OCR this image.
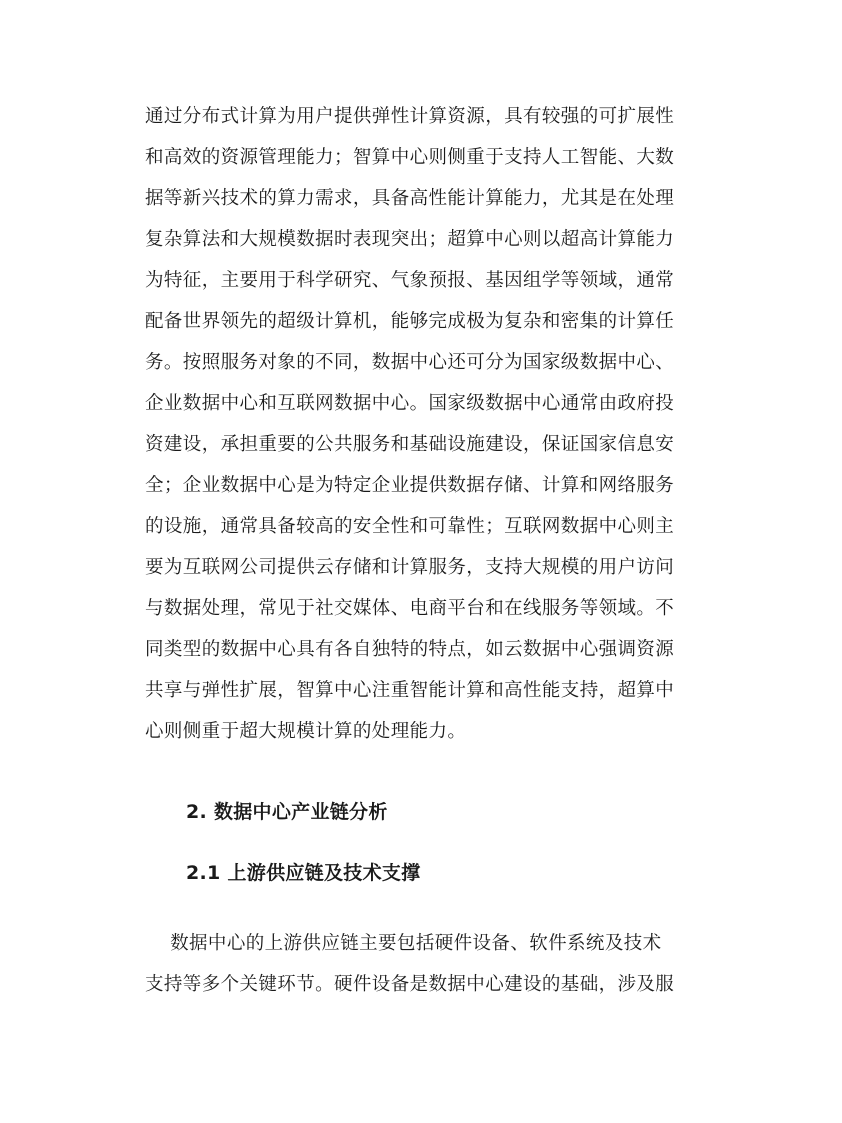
通过分布式计算为用户提供弹性计算资源，具有较强的可扩展性
和高效的资源管理能力；智算中心则侧重于支持人工智能、大数
据等新兴技术的算力需求，具备高性能计算能力，尤其是在处理
复杂算法和大规模数据时表现突出；超算中心则以超高计算能力
为特征，主要用于科学研究、气象预报、基因组学等领域，通常
配备世界领先的超级计算机，能够完成极为复杂和密集的计算任
务。按照服务对象的不同，数据中心还可分为国家级数据中心、
企业数据中心和互联网数据中心。国家级数据中心通常由政府投
资建设，承担重要的公共服务和基础设施建设，保证国家信息安
全；企业数据中心是为特定企业提供数据存储、计算和网络服务
的设施，通常具备较高的安全性和可靠性；互联网数据中心则主
要为互联网公司提供云存储和计算服务，支持大规模的用户访问
与数据处理，常见于社交媒体、电商平台和在线服务等领域。不
同类型的数据中心具有各自独特的特点，如云数据中心强调资源
共享与弹性扩展，智算中心注重智能计算和高性能支持，超算中
心则侧重于超大规模计算的处理能力。
2. 数据中心产业链分析
2.1 上游供应链及技术支撑
数据中心的上游供应链主要包括硬件设备、软件系统及技术
支持等多个关键环节。硬件设备是数据中心建设的基础，涉及服
